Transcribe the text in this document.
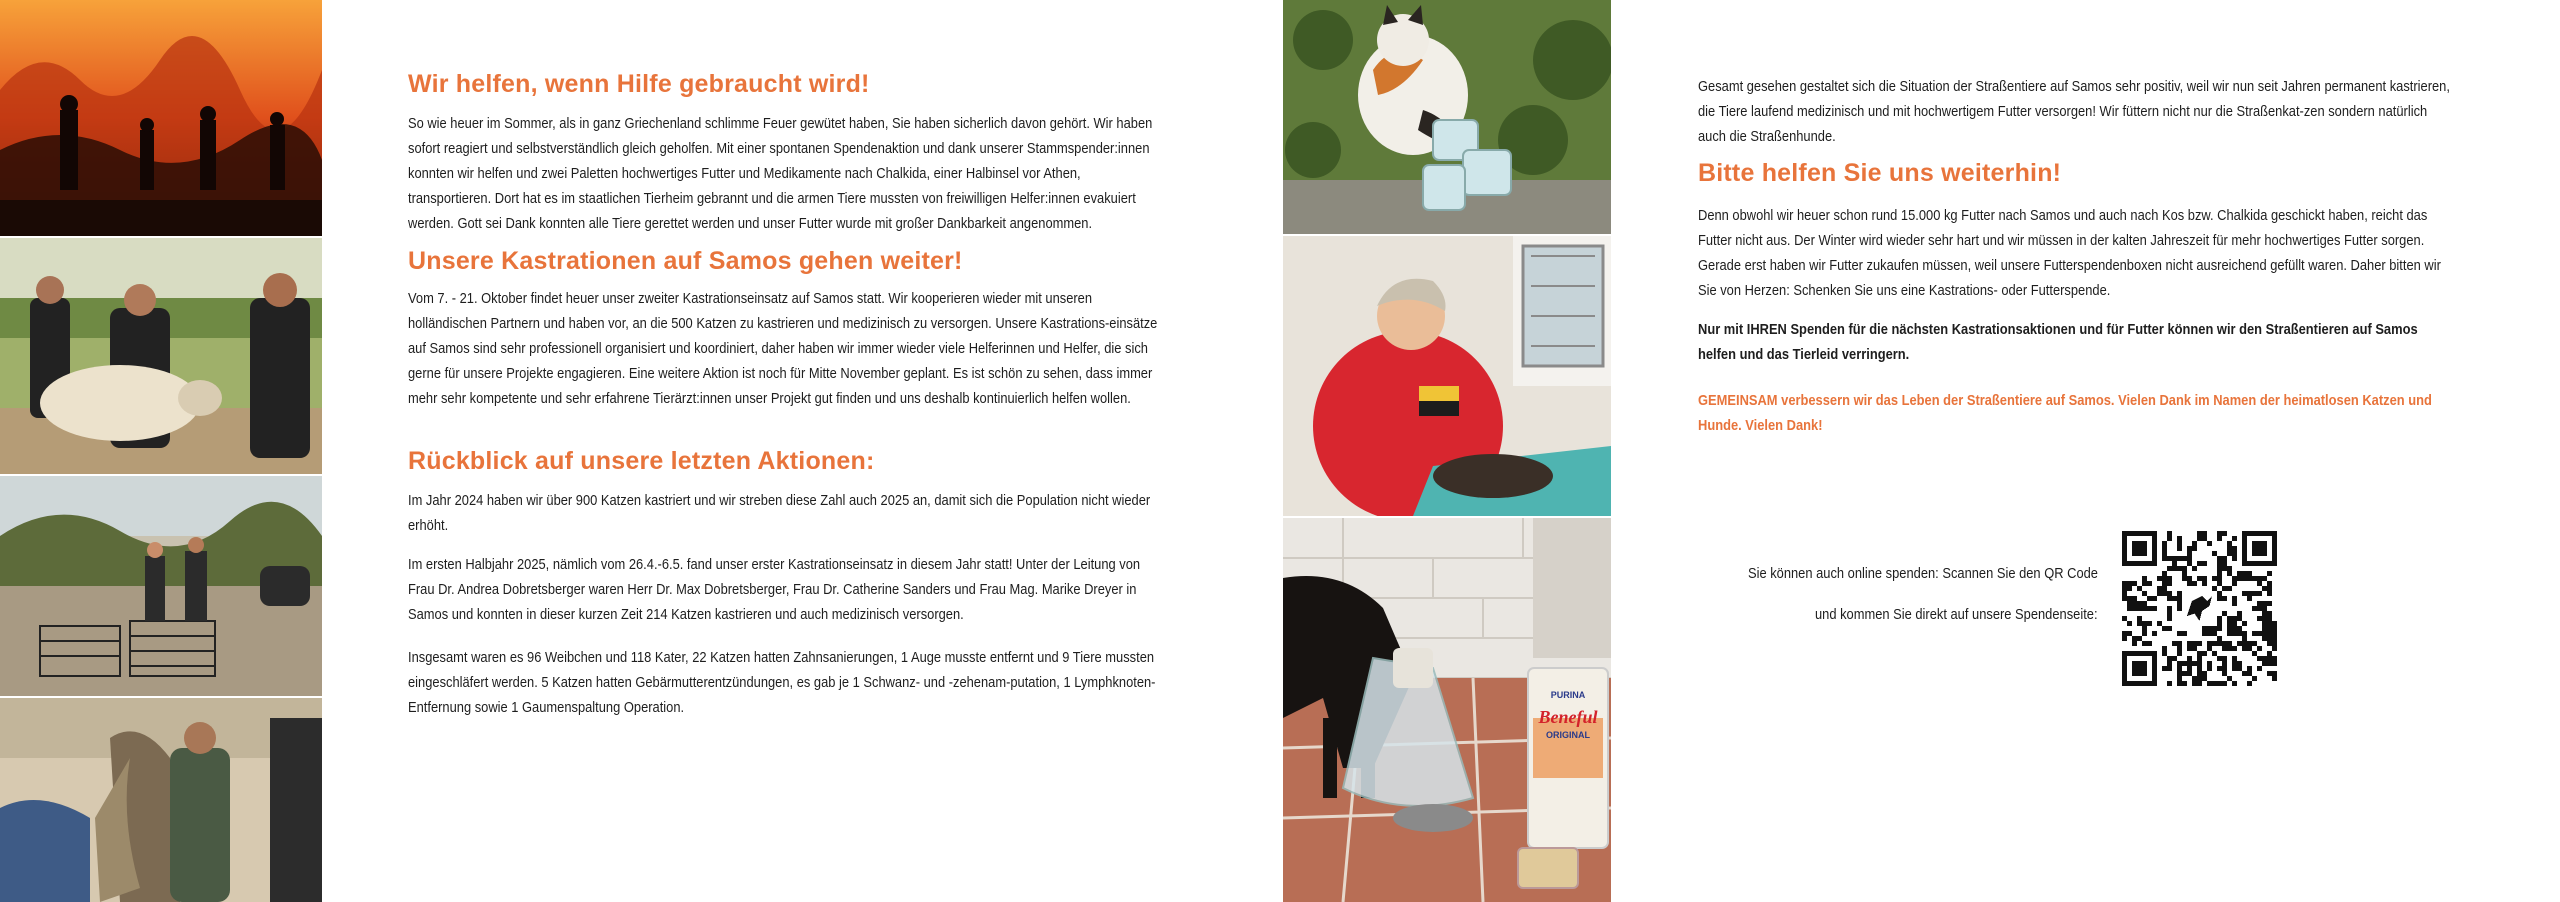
Wir helfen, wenn Hilfe gebraucht wird!

So wie heuer im Sommer, als in ganz Griechenland schlimme Feuer gewütet haben, Sie haben sicherlich davon gehört. Wir haben sofort reagiert und selbstverständlich gleich geholfen. Mit einer spontanen Spendenaktion und dank unserer Stammspender:innen konnten wir helfen und zwei Paletten hochwertiges Futter und Medikamente nach Chalkida, einer Halbinsel vor Athen, transportieren. Dort hat es im staatlichen Tierheim gebrannt und die armen Tiere mussten von freiwilligen Helfer:innen evakuiert werden. Gott sei Dank konnten alle Tiere gerettet werden und unser Futter wurde mit großer Dankbarkeit angenommen.

Unsere Kastrationen auf Samos gehen weiter!

Vom 7. - 21. Oktober findet heuer unser zweiter Kastrationseinsatz auf Samos statt. Wir kooperieren wieder mit unseren holländischen Partnern und haben vor, an die 500 Katzen zu kastrieren und medizinisch zu versorgen. Unsere Kastrations-einsätze auf Samos sind sehr professionell organisiert und koordiniert, daher haben wir immer wieder viele Helferinnen und Helfer, die sich gerne für unsere Projekte engagieren. Eine weitere Aktion ist noch für Mitte November geplant. Es ist schön zu sehen, dass immer mehr sehr kompetente und sehr erfahrene Tierärzt:innen unser Projekt gut finden und uns deshalb kontinuierlich helfen wollen.

Rückblick auf unsere letzten Aktionen:

Im Jahr 2024 haben wir über 900 Katzen kastriert und wir streben diese Zahl auch 2025 an, damit sich die Population nicht wieder erhöht.

Im ersten Halbjahr 2025, nämlich vom 26.4.-6.5. fand unser erster Kastrationseinsatz in diesem Jahr statt! Unter der Leitung von Frau Dr. Andrea Dobretsberger waren Herr Dr. Max Dobretsberger, Frau Dr. Catherine Sanders und Frau Mag. Marike Dreyer in Samos und konnten in dieser kurzen Zeit 214 Katzen kastrieren und auch medizinisch versorgen.

Insgesamt waren es 96 Weibchen und 118 Kater, 22 Katzen hatten Zahnsanierungen, 1 Auge musste entfernt und 9 Tiere mussten eingeschläfert werden. 5 Katzen hatten Gebärmutterentzündungen, es gab je 1 Schwanz- und -zehenam-putation, 1 Lymphknoten-Entfernung sowie 1 Gaumenspaltung Operation.

PURINA
Beneful
ORIGINAL

Gesamt gesehen gestaltet sich die Situation der Straßentiere auf Samos sehr positiv, weil wir nun seit Jahren permanent kastrieren, die Tiere laufend medizinisch und mit hochwertigem Futter versorgen! Wir füttern nicht nur die Straßenkat-zen sondern natürlich auch die Straßenhunde.

Bitte helfen Sie uns weiterhin!

Denn obwohl wir heuer schon rund 15.000 kg Futter nach Samos und auch nach Kos bzw. Chalkida geschickt haben, reicht das Futter nicht aus. Der Winter wird wieder sehr hart und wir müssen in der kalten Jahreszeit für mehr hochwertiges Futter sorgen. Gerade erst haben wir Futter zukaufen müssen, weil unsere Futterspendenboxen nicht ausreichend gefüllt waren. Daher bitten wir Sie von Herzen: Schenken Sie uns eine Kastrations- oder Futterspende.

Nur mit IHREN Spenden für die nächsten Kastrationsaktionen und für Futter können wir den Straßentieren auf Samos helfen und das Tierleid verringern.

GEMEINSAM verbessern wir das Leben der Straßentiere auf Samos. Vielen Dank im Namen der heimatlosen Katzen und Hunde. Vielen Dank!

Sie können auch online spenden: Scannen Sie den QR Code
und kommen Sie direkt auf unsere Spendenseite:
